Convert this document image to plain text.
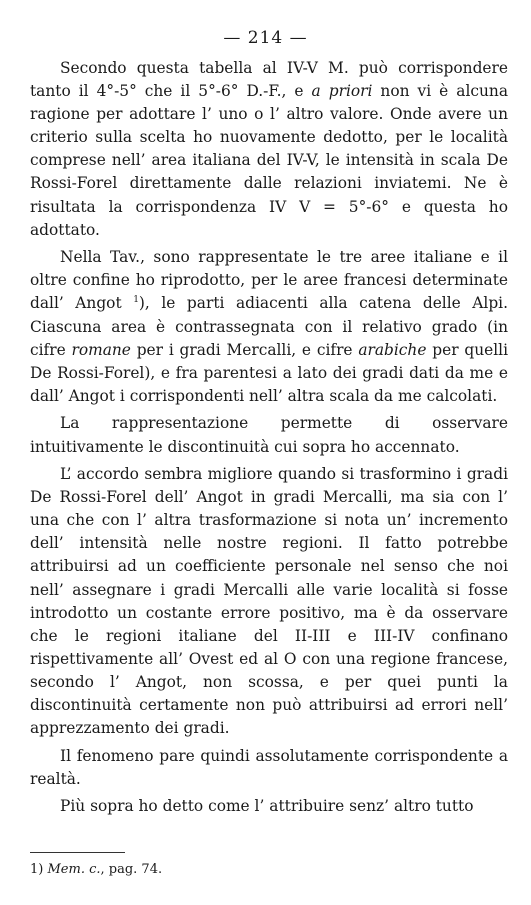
— 214 —

Secondo questa tabella al IV-V M. può corrispondere tanto il 4°-5° che il 5°-6° D.-F., e a priori non vi è alcuna ragione per adottare l’ uno o l’ altro valore. Onde avere un criterio sulla scelta ho nuovamente dedotto, per le località comprese nell’ area italiana del IV-V, le intensità in scala De Rossi-Forel direttamente dalle relazioni inviatemi. Ne è risultata la corrispondenza IV V = 5°-6° e questa ho adottato.

Nella Tav., sono rappresentate le tre aree italiane e il oltre confine ho riprodotto, per le aree francesi determinate dall’ Angot $^1$), le parti adiacenti alla catena delle Alpi. Ciascuna area è contrassegnata con il relativo grado (in cifre romane per i gradi Mercalli, e cifre arabiche per quelli De Rossi-Forel), e fra parentesi a lato dei gradi dati da me e dall’ Angot i corrispondenti nell’ altra scala da me calcolati.

La rappresentazione permette di osservare intuitivamente le discontinuità cui sopra ho accennato.

L’ accordo sembra migliore quando si trasformino i gradi De Rossi-Forel dell’ Angot in gradi Mercalli, ma sia con l’ una che con l’ altra trasformazione si nota un’ incremento dell’ intensità nelle nostre regioni. Il fatto potrebbe attribuirsi ad un coefficiente personale nel senso che noi nell’ assegnare i gradi Mercalli alle varie località si fosse introdotto un costante errore positivo, ma è da osservare che le regioni italiane del II-III e III-IV confinano rispettivamente all’ Ovest ed al O con una regione francese, secondo l’ Angot, non scossa, e per quei punti la discontinuità certamente non può attribuirsi ad errori nell’ apprezzamento dei gradi.

Il fenomeno pare quindi assolutamente corrispondente a realtà.

Più sopra ho detto come l’ attribuire senz’ altro tutto

1) Mem. c., pag. 74.
